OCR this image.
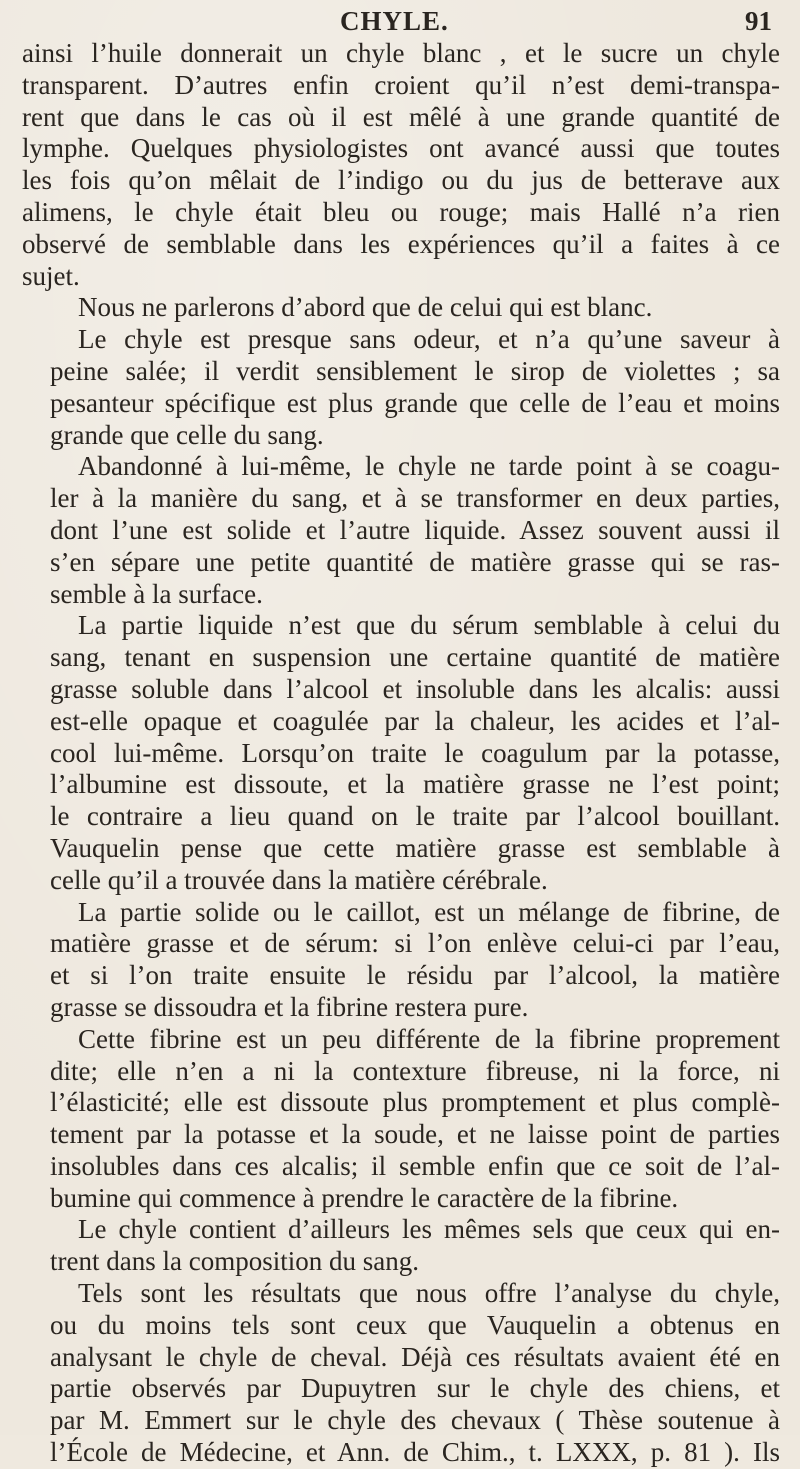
CHYLE.	91
ainsi l’huile donnerait un chyle blanc , et le sucre un chyle
transparent. D’autres enfin croient qu’il n’est demi-transpa-
rent que dans le cas où il est mêlé à une grande quantité de
lymphe. Quelques physiologistes ont avancé aussi que toutes
les fois qu’on mêlait de l’indigo ou du jus de betterave aux
alimens, le chyle était bleu ou rouge; mais Hallé n’a rien
observé de semblable dans les expériences qu’il a faites à ce
sujet.
Nous ne parlerons d’abord que de celui qui est blanc.
Le chyle est presque sans odeur, et n’a qu’une saveur à
peine salée; il verdit sensiblement le sirop de violettes ; sa
pesanteur spécifique est plus grande que celle de l’eau et moins
grande que celle du sang.
Abandonné à lui-même, le chyle ne tarde point à se coagu-
ler à la manière du sang, et à se transformer en deux parties,
dont l’une est solide et l’autre liquide. Assez souvent aussi il
s’en sépare une petite quantité de matière grasse qui se ras-
semble à la surface.
La partie liquide n’est que du sérum semblable à celui du
sang, tenant en suspension une certaine quantité de matière
grasse soluble dans l’alcool et insoluble dans les alcalis: aussi
est-elle opaque et coagulée par la chaleur, les acides et l’al-
cool lui-même. Lorsqu’on traite le coagulum par la potasse,
l’albumine est dissoute, et la matière grasse ne l’est point;
le contraire a lieu quand on le traite par l’alcool bouillant.
Vauquelin pense que cette matière grasse est semblable à
celle qu’il a trouvée dans la matière cérébrale.
La partie solide ou le caillot, est un mélange de fibrine, de
matière grasse et de sérum: si l’on enlève celui-ci par l’eau,
et si l’on traite ensuite le résidu par l’alcool, la matière
grasse se dissoudra et la fibrine restera pure.
Cette fibrine est un peu différente de la fibrine proprement
dite; elle n’en a ni la contexture fibreuse, ni la force, ni
l’élasticité; elle est dissoute plus promptement et plus complè-
tement par la potasse et la soude, et ne laisse point de parties
insolubles dans ces alcalis; il semble enfin que ce soit de l’al-
bumine qui commence à prendre le caractère de la fibrine.
Le chyle contient d’ailleurs les mêmes sels que ceux qui en-
trent dans la composition du sang.
Tels sont les résultats que nous offre l’analyse du chyle,
ou du moins tels sont ceux que Vauquelin a obtenus en
analysant le chyle de cheval. Déjà ces résultats avaient été en
partie observés par Dupuytren sur le chyle des chiens, et
par M. Emmert sur le chyle des chevaux ( Thèse soutenue à
l’École de Médecine, et Ann. de Chim., t. LXXX, p. 81 ). Ils
